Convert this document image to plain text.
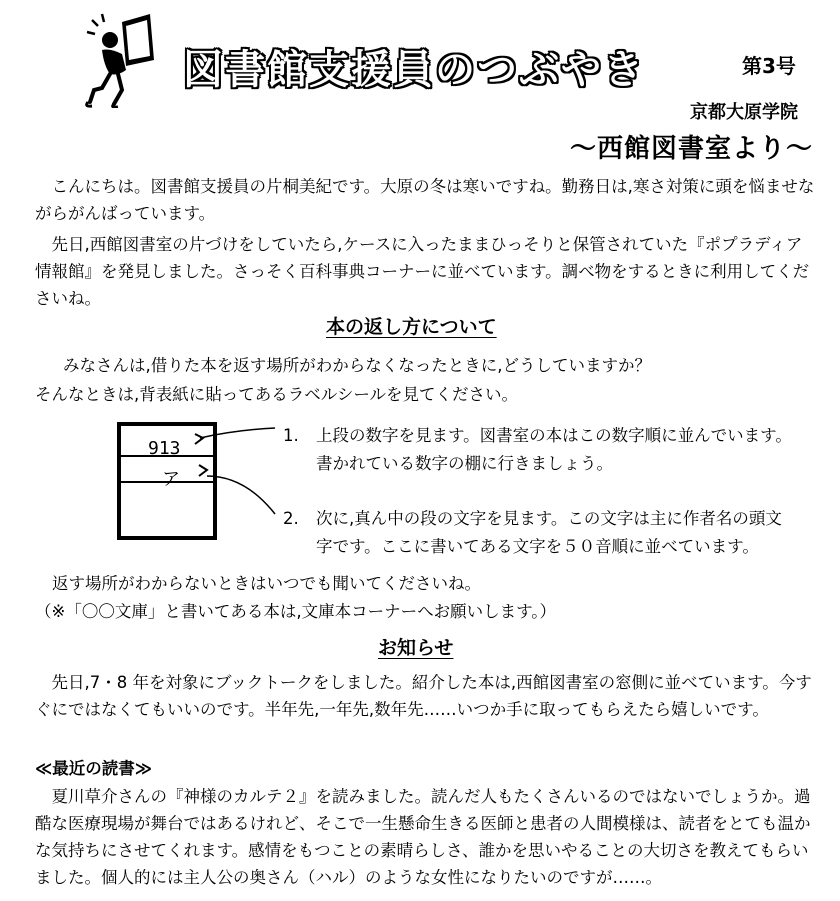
図書館支援員のつぶやき	第3号
京都大原学院
～西館図書室より～

こんにちは。図書館支援員の片桐美紀です。大原の冬は寒いですね。勤務日は,寒さ対策に頭を悩ませながらがんばっています。

先日,西館図書室の片づけをしていたら,ケースに入ったままひっそりと保管されていた『ポプラディア情報館』を発見しました。さっそく百科事典コーナーに並べています。調べ物をするときに利用してくださいね。

本の返し方について
みなさんは,借りた本を返す場所がわからなくなったときに,どうしていますか？
そんなときは,背表紙に貼ってあるラベルシールを見てください。
913
ア
1. 上段の数字を見ます。図書室の本はこの数字順に並んでいます。書かれている数字の棚に行きましょう。
2. 次に,真ん中の段の文字を見ます。この文字は主に作者名の頭文字です。ここに書いてある文字を５０音順に並べています。
返す場所がわからないときはいつでも聞いてくださいね。
（※「〇〇文庫」と書いてある本は,文庫本コーナーへお願いします。）
お知らせ

先日,7・8 年を対象にブックトークをしました。紹介した本は,西館図書室の窓側に並べています。今すぐにではなくてもいいのです。半年先,一年先,数年先……いつか手に取ってもらえたら嬉しいです。

≪最近の読書≫

夏川草介さんの『神様のカルテ２』を読みました。読んだ人もたくさんいるのではないでしょうか。過酷な医療現場が舞台ではあるけれど、そこで一生懸命生きる医師と患者の人間模様は、読者をとても温かな気持ちにさせてくれます。感情をもつことの素晴らしさ、誰かを思いやることの大切さを教えてもらいました。個人的には主人公の奥さん（ハル）のような女性になりたいのですが……。
